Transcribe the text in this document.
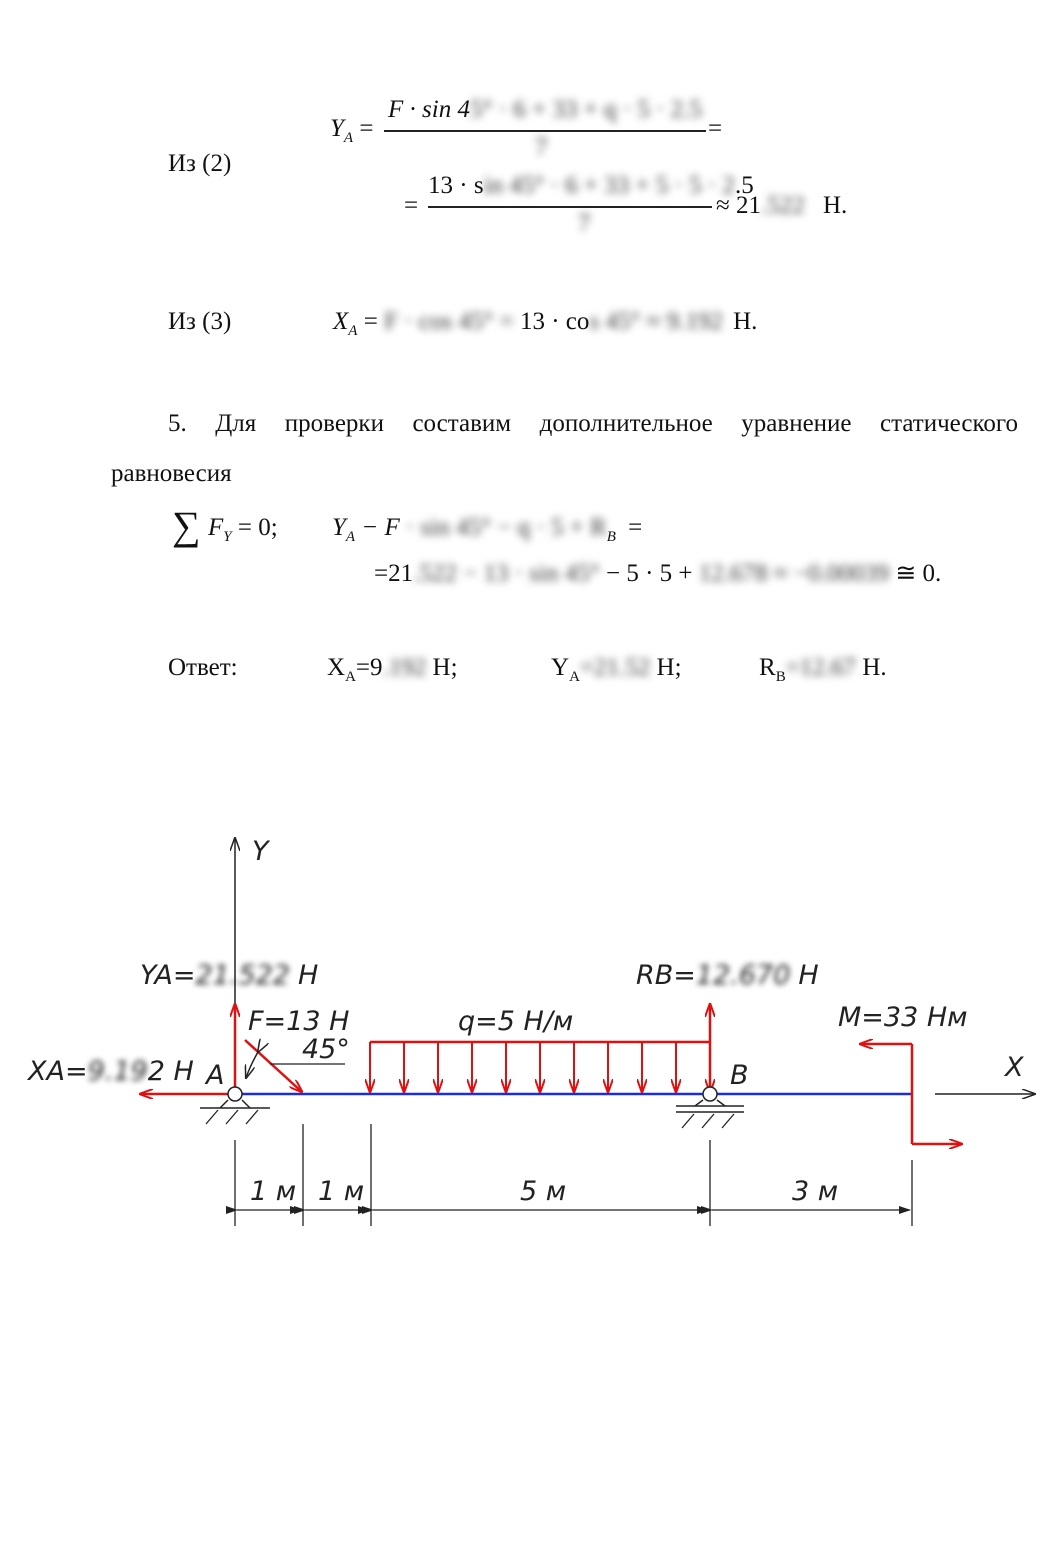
Из (2)
$Y_A$ =
F · sin 45° · 6 + 33 + q · 5 · 2.5
7
=
=
13 · sin 45° · 6 + 33 + 5 · 5 · 2.5
7
≈ 21.522 Н.
Из (3)	$X_A = F \cdot \cos 45^\circ = 13 \cdot \cos 45^\circ \approx 9.192$ Н.
5. Для проверки составим дополнительное уравнение статического
равновесия
∑ $F_Y = 0$; $Y_A - F \cdot \sin 45^\circ - q \cdot 5 + R_B$ =
=21.522 − 13 · sin 45° − 5 · 5 + 12.678 ≈ −0.00039 ≅ 0.
Ответ:	$X_A=9.192$ Н;	$Y_A=21.52$ Н;	$R_B=12.67$ Н.
Y
X
q=5 Н/м
YA=21.522 Н
XA=9.192 Н
F=13 Н
45°
RB=12.670 Н
M=33 Нм
A	B
1 м 1 м	5 м	3 м
